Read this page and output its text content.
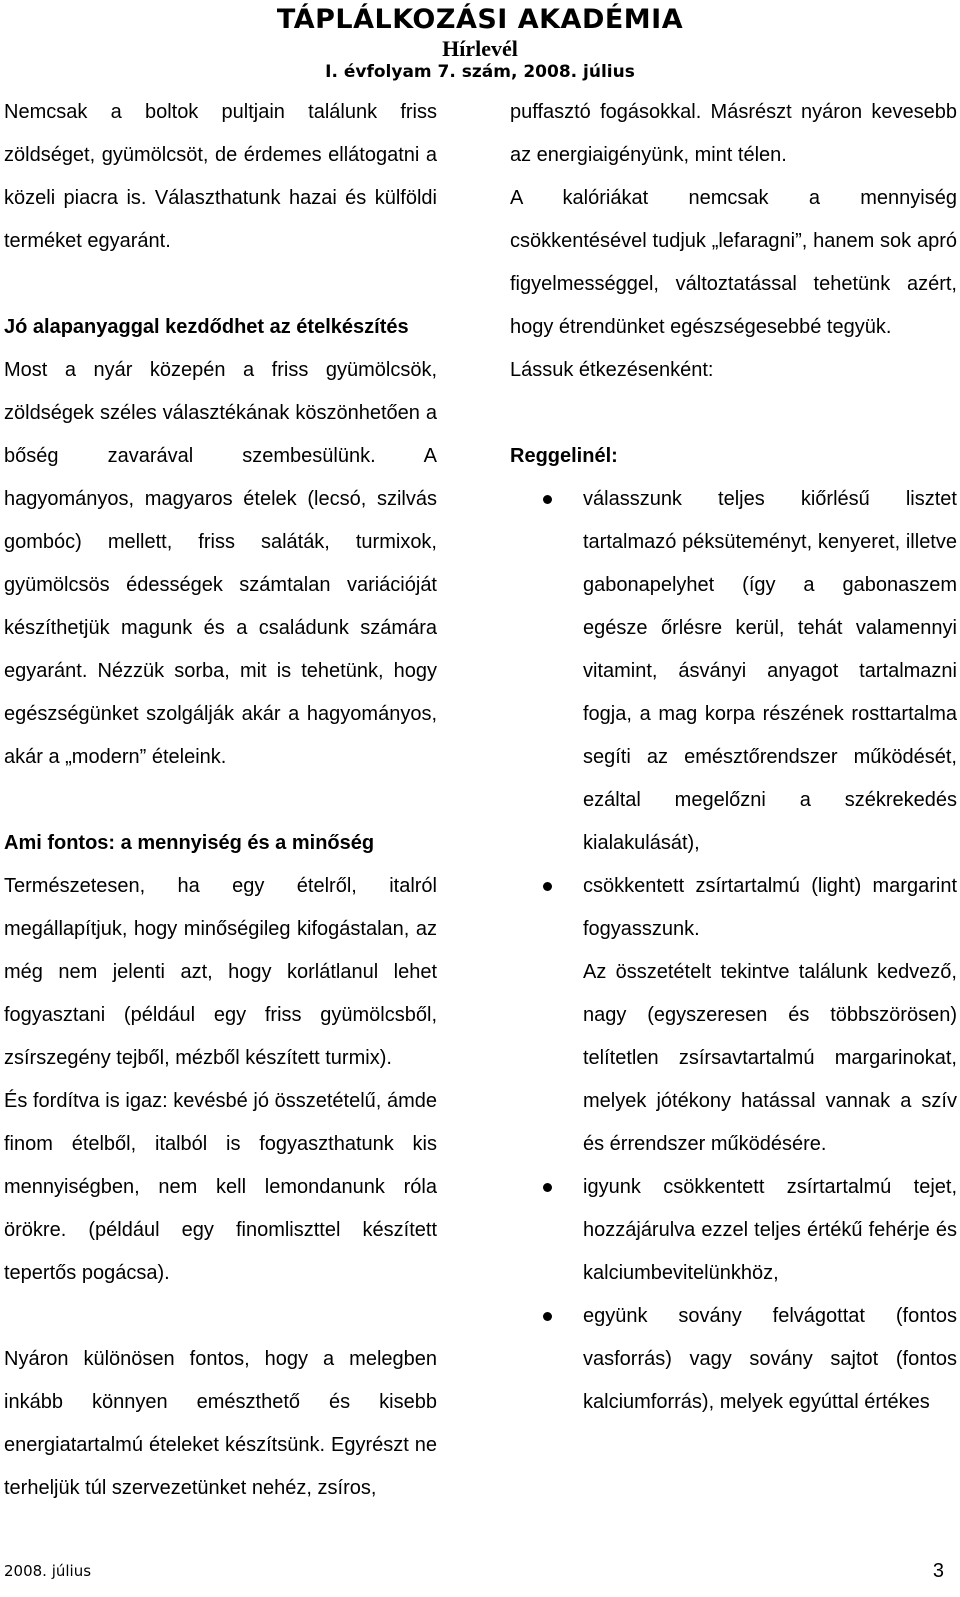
TÁPLÁLKOZÁSI AKADÉMIA
Hírlevél
I. évfolyam 7. szám, 2008. július

Nemcsak a boltok pultjain találunk friss zöldséget, gyümölcsöt, de érdemes ellátogatni a közeli piacra is. Választhatunk hazai és külföldi terméket egyaránt.

Jó alapanyaggal kezdődhet az ételkészítés

Most a nyár közepén a friss gyümölcsök, zöldségek széles választékának köszönhetően a bőség zavarával szembesülünk. A hagyományos, magyaros ételek (lecsó, szilvás gombóc) mellett, friss saláták, turmixok, gyümölcsös édességek számtalan variációját készíthetjük magunk és a családunk számára egyaránt. Nézzük sorba, mit is tehetünk, hogy egészségünket szolgálják akár a hagyományos, akár a „modern” ételeink.

Ami fontos: a mennyiség és a minőség

Természetesen, ha egy ételről, italról megállapítjuk, hogy minőségileg kifogástalan, az még nem jelenti azt, hogy korlátlanul lehet fogyasztani (például egy friss gyümölcsből, zsírszegény tejből, mézből készített turmix).

És fordítva is igaz: kevésbé jó összetételű, ámde finom ételből, italból is fogyaszthatunk kis mennyiségben, nem kell lemondanunk róla örökre. (például egy finomliszttel készített tepertős pogácsa).

Nyáron különösen fontos, hogy a melegben inkább könnyen emészthető és kisebb energiatartalmú ételeket készítsünk. Egyrészt ne terheljük túl szervezetünket nehéz, zsíros,

puffasztó fogásokkal. Másrészt nyáron kevesebb az energiaigényünk, mint télen.

A kalóriákat nemcsak a mennyiség csökkentésével tudjuk „lefaragni”, hanem sok apró figyelmességgel, változtatással tehetünk azért, hogy étrendünket egészségesebbé tegyük.

Lássuk étkezésenként:

Reggelinél:
válasszunk teljes kiőrlésű lisztet tartalmazó péksüteményt, kenyeret, illetve gabonapelyhet (így a gabonaszem egésze őrlésre kerül, tehát valamennyi vitamint, ásványi anyagot tartalmazni fogja, a mag korpa részének rosttartalma segíti az emésztőrendszer működését, ezáltal megelőzni a székrekedés kialakulását),
csökkentett zsírtartalmú (light) margarint fogyasszunk.
Az összetételt tekintve találunk kedvező, nagy (egyszeresen és többszörösen) telítetlen zsírsavtartalmú margarinokat, melyek jótékony hatással vannak a szív és érrendszer működésére.
igyunk csökkentett zsírtartalmú tejet, hozzájárulva ezzel teljes értékű fehérje és kalciumbevitelünkhöz,
együnk sovány felvágottat (fontos vasforrás) vagy sovány sajtot (fontos kalciumforrás), melyek egyúttal értékes
2008. július	3
